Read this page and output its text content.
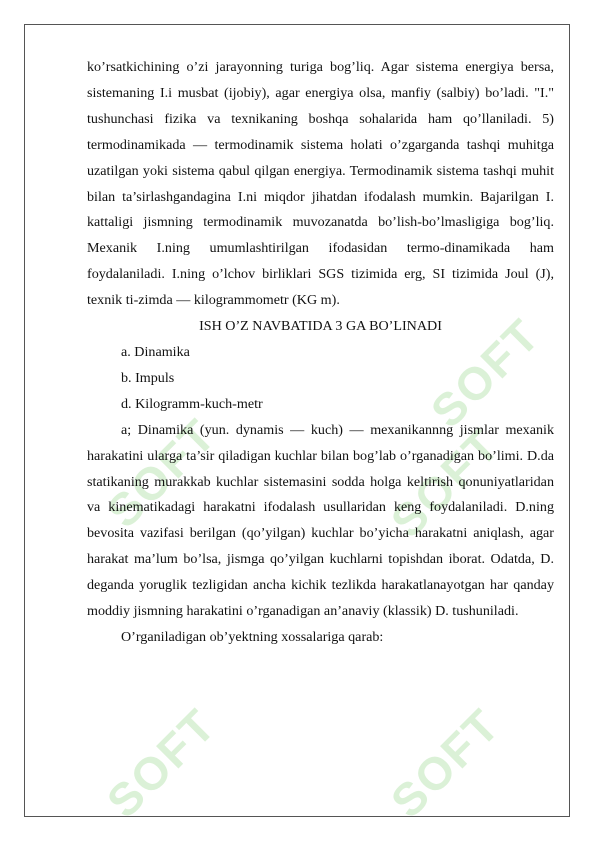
SOFT
SOFT	SOFT
SOFT	SOFT

ko’rsatkichining o’zi jarayonning turiga bog’liq. Agar sistema energiya bersa, sistemaning I.i musbat (ijobiy), agar energiya olsa, manfiy (salbiy) bo’ladi. "I." tushunchasi fizika va texnikaning boshqa sohalarida ham qo’llaniladi. 5) termodinamikada — termodinamik sistema holati o’zgarganda tashqi muhitga uzatilgan yoki sistema qabul qilgan energiya. Termodinamik sistema tashqi muhit bilan ta’sirlashgandagina I.ni miqdor jihatdan ifodalash mumkin. Bajarilgan I. kattaligi jismning termodinamik muvozanatda bo’lish-bo’lmasligiga bog’liq. Mexanik I.ning umumlashtirilgan ifodasidan termo-dinamikada ham foydalaniladi. I.ning o’lchov birliklari SGS tizimida erg, SI tizimida Joul (J), texnik ti-zimda — kilogrammometr (KG m).

ISH O’Z NAVBATIDA 3 GA BO’LINADI

a. Dinamika

b. Impuls

d. Kilogramm-kuch-metr

a; Dinamika (yun. dynamis — kuch) — mexanikannng jismlar mexanik harakatini ularga ta’sir qiladigan kuchlar bilan bog’lab o’rganadigan bo’limi. D.da statikaning murakkab kuchlar sistemasini sodda holga keltirish qonuniyatlaridan va kinematikadagi harakatni ifodalash usullaridan keng foydalaniladi. D.ning bevosita vazifasi berilgan (qo’yilgan) kuchlar bo’yicha harakatni aniqlash, agar harakat ma’lum bo’lsa, jismga qo’yilgan kuchlarni topishdan iborat. Odatda, D. deganda yoruglik tezligidan ancha kichik tezlikda harakatlanayotgan har qanday moddiy jismning harakatini o’rganadigan an’anaviy (klassik) D. tushuniladi.

O’rganiladigan ob’yektning xossalariga qarab:
